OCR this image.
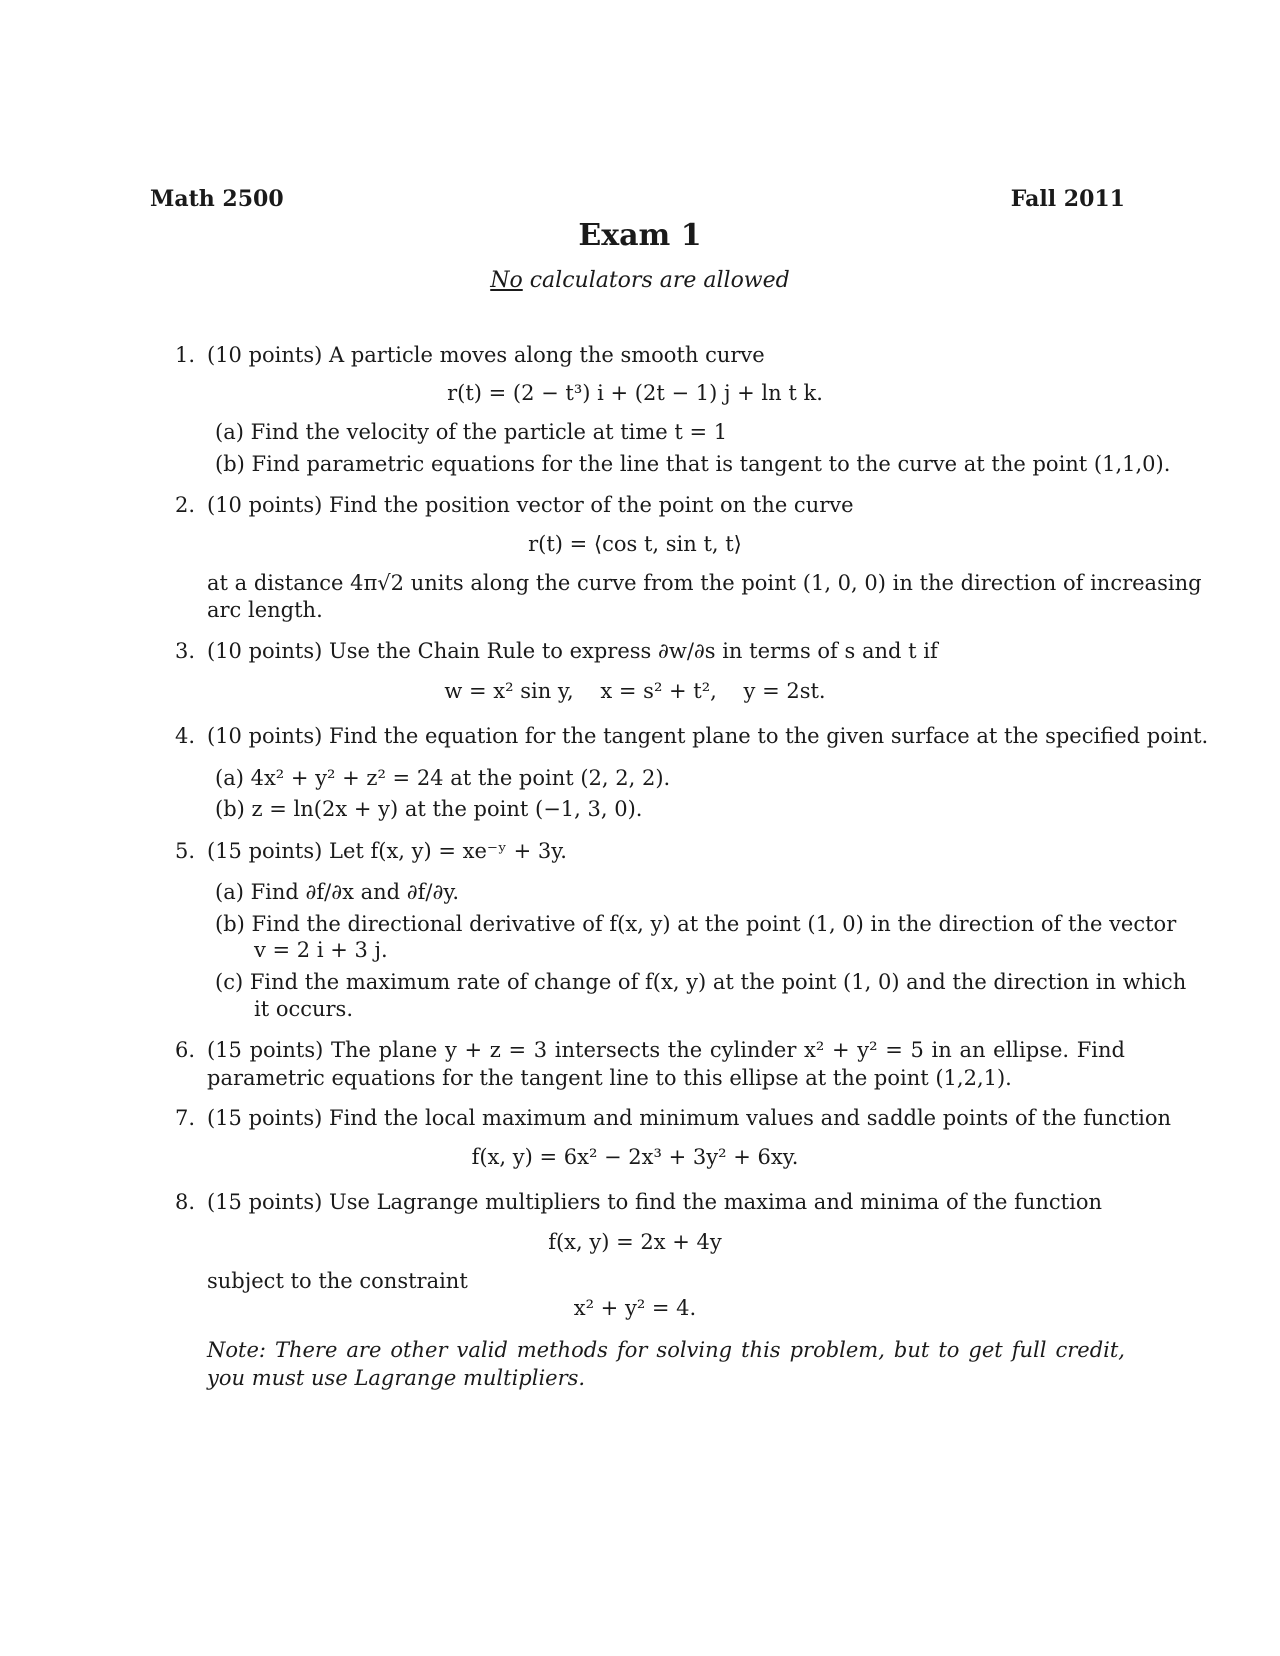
Math 2500	Fall 2011
Exam 1
No calculators are allowed
1. (10 points) A particle moves along the smooth curve
r(t) = (2 − t³) i + (2t − 1) j + ln t k.
(a) Find the velocity of the particle at time t = 1
(b) Find parametric equations for the line that is tangent to the curve at the point (1,1,0).
2. (10 points) Find the position vector of the point on the curve
r(t) = ⟨cos t, sin t, t⟩
at a distance 4π√2 units along the curve from the point (1, 0, 0) in the direction of increasing
arc length.
3. (10 points) Use the Chain Rule to express ∂w/∂s in terms of s and t if
w = x² sin y,    x = s² + t²,    y = 2st.
4. (10 points) Find the equation for the tangent plane to the given surface at the specified point.
(a) 4x² + y² + z² = 24 at the point (2, 2, 2).
(b) z = ln(2x + y) at the point (−1, 3, 0).
5. (15 points) Let f(x, y) = xe⁻ʸ + 3y.
(a) Find ∂f/∂x and ∂f/∂y.
(b) Find the directional derivative of f(x, y) at the point (1, 0) in the direction of the vector
v = 2 i + 3 j.
(c) Find the maximum rate of change of f(x, y) at the point (1, 0) and the direction in which
it occurs.
6. (15 points) The plane y + z = 3 intersects the cylinder x² + y² = 5 in an ellipse. Find parametric equations for the tangent line to this ellipse at the point (1,2,1).
7. (15 points) Find the local maximum and minimum values and saddle points of the function
f(x, y) = 6x² − 2x³ + 3y² + 6xy.
8. (15 points) Use Lagrange multipliers to find the maxima and minima of the function
f(x, y) = 2x + 4y
subject to the constraint
x² + y² = 4.
Note: There are other valid methods for solving this problem, but to get full credit, you must use Lagrange multipliers.
